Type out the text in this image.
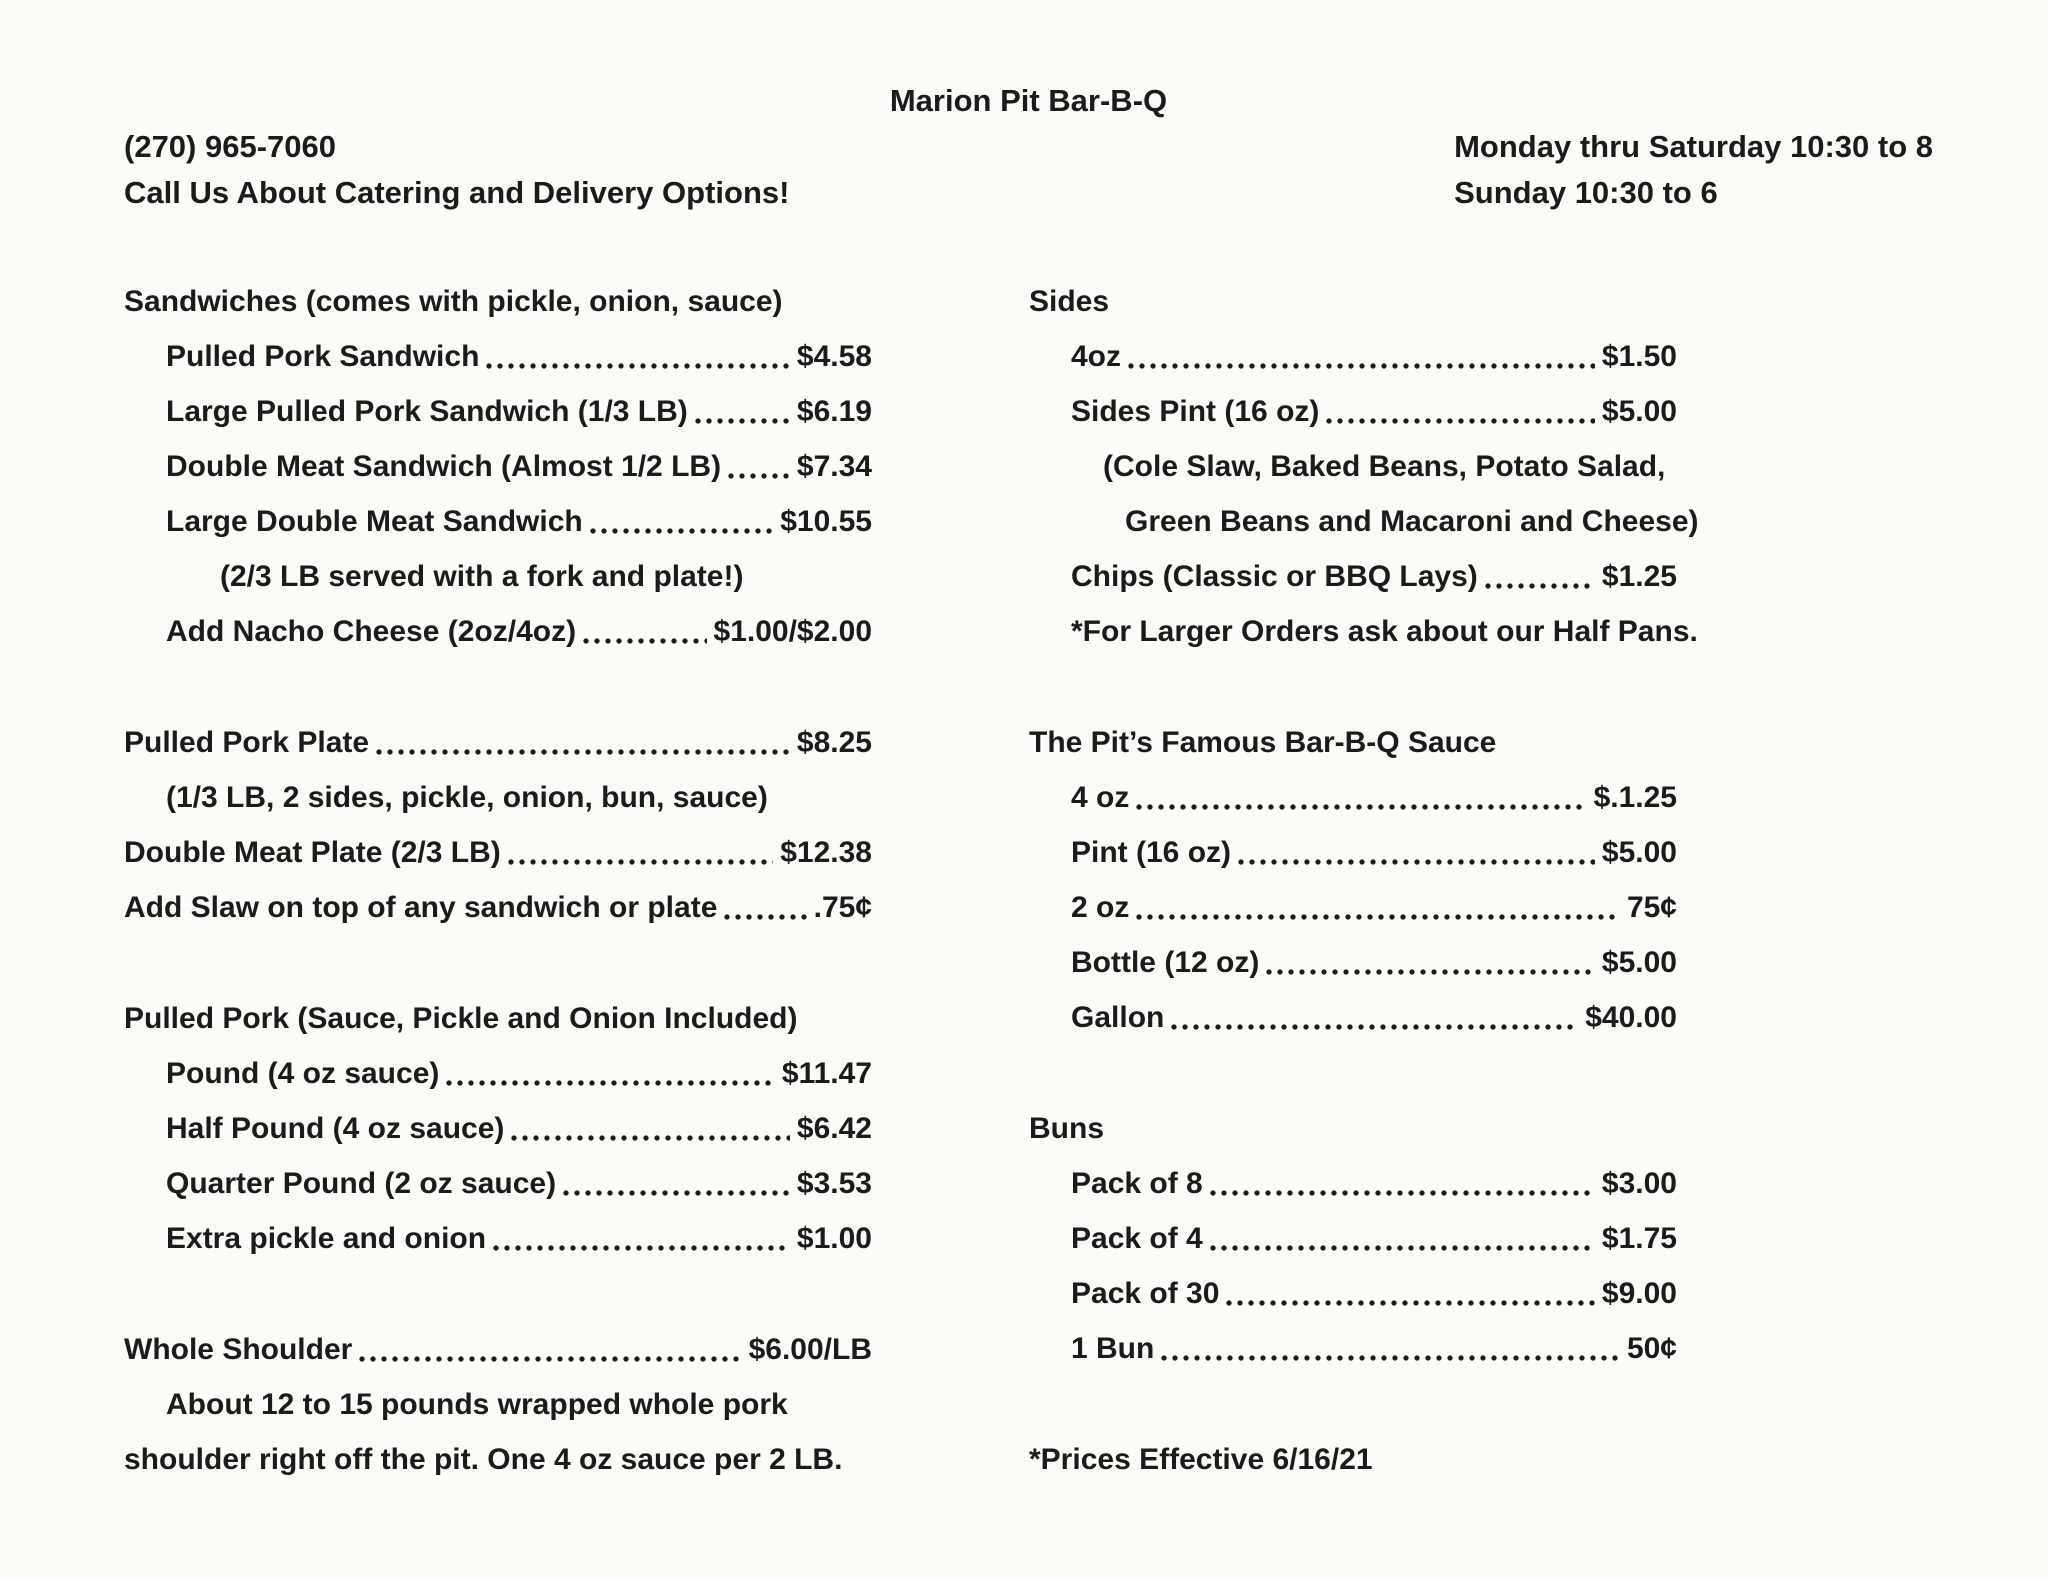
Marion Pit Bar-B-Q
(270) 965-7060
Call Us About Catering and Delivery Options!
Monday thru Saturday 10:30 to 8
Sunday 10:30 to 6
Sandwiches (comes with pickle, onion, sauce)
Pulled Pork Sandwich	$4.58
Large Pulled Pork Sandwich (1/3 LB)	$6.19
Double Meat Sandwich (Almost 1/2 LB)	$7.34
Large Double Meat Sandwich	$10.55
(2/3 LB served with a fork and plate!)
Add Nacho Cheese (2oz/4oz)	$1.00/$2.00
Pulled Pork Plate	$8.25
(1/3 LB, 2 sides, pickle, onion, bun, sauce)
Double Meat Plate (2/3 LB)	$12.38
Add Slaw on top of any sandwich or plate	.75¢
Pulled Pork (Sauce, Pickle and Onion Included)
Pound (4 oz sauce)	$11.47
Half Pound (4 oz sauce)	$6.42
Quarter Pound (2 oz sauce)	$3.53
Extra pickle and onion	$1.00
Whole Shoulder	$6.00/LB
About 12 to 15 pounds wrapped whole pork
shoulder right off the pit. One 4 oz sauce per 2 LB.
Sides
4oz	$1.50
Sides Pint (16 oz)	$5.00
(Cole Slaw, Baked Beans, Potato Salad,
Green Beans and Macaroni and Cheese)
Chips (Classic or BBQ Lays)	$1.25
*For Larger Orders ask about our Half Pans.
The Pit’s Famous Bar-B-Q Sauce
4 oz	$.1.25
Pint (16 oz)	$5.00
2 oz	75¢
Bottle (12 oz)	$5.00
Gallon	$40.00
Buns
Pack of 8	$3.00
Pack of 4	$1.75
Pack of 30	$9.00
1 Bun	50¢
*Prices Effective 6/16/21
